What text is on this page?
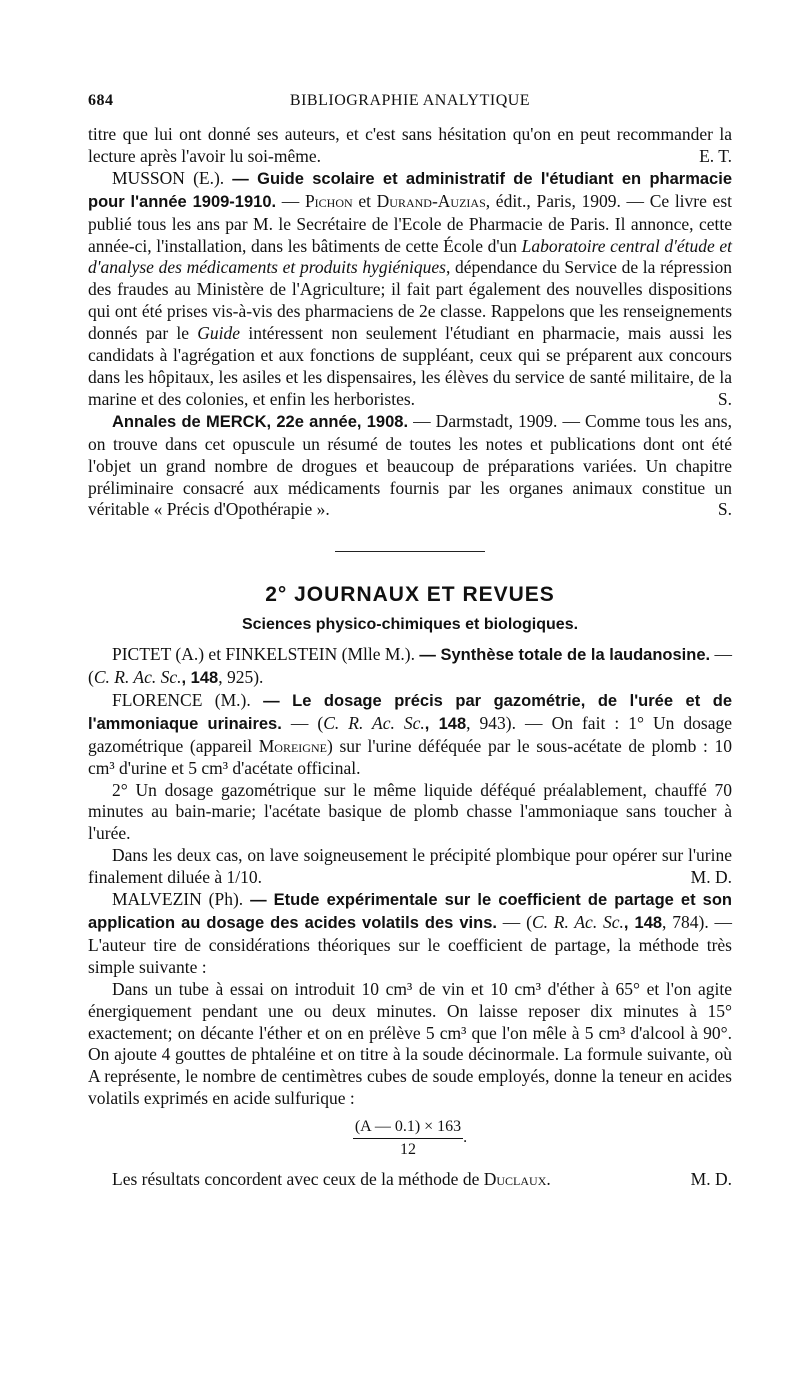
684	BIBLIOGRAPHIE ANALYTIQUE

titre que lui ont donné ses auteurs, et c'est sans hésitation qu'on en peut recommander la lecture après l'avoir lu soi-même.	E. T.

MUSSON (E.). — Guide scolaire et administratif de l'étudiant en pharmacie pour l'année 1909-1910. — Pichon et Durand-Auzias, édit., Paris, 1909. — Ce livre est publié tous les ans par M. le Secrétaire de l'Ecole de Pharmacie de Paris. Il annonce, cette année-ci, l'installation, dans les bâtiments de cette École d'un Laboratoire central d'étude et d'analyse des médicaments et produits hygiéniques, dépendance du Service de la répression des fraudes au Ministère de l'Agriculture; il fait part également des nouvelles dispositions qui ont été prises vis-à-vis des pharmaciens de 2e classe. Rappelons que les renseignements donnés par le Guide intéressent non seulement l'étudiant en pharmacie, mais aussi les candidats à l'agrégation et aux fonctions de suppléant, ceux qui se préparent aux concours dans les hôpitaux, les asiles et les dispensaires, les élèves du service de santé militaire, de la marine et des colonies, et enfin les herboristes.	S.

Annales de MERCK, 22e année, 1908. — Darmstadt, 1909. — Comme tous les ans, on trouve dans cet opuscule un résumé de toutes les notes et publications dont ont été l'objet un grand nombre de drogues et beaucoup de préparations variées. Un chapitre préliminaire consacré aux médicaments fournis par les organes animaux constitue un véritable « Précis d'Opothérapie ».	S.

2° JOURNAUX ET REVUES
Sciences physico-chimiques et biologiques.

PICTET (A.) et FINKELSTEIN (Mlle M.). — Synthèse totale de la laudanosine. — (C. R. Ac. Sc., 148, 925).

FLORENCE (M.). — Le dosage précis par gazométrie, de l'urée et de l'ammoniaque urinaires. — (C. R. Ac. Sc., 148, 943). — On fait : 1° Un dosage gazométrique (appareil Moreigne) sur l'urine déféquée par le sous-acétate de plomb : 10 cm³ d'urine et 5 cm³ d'acétate officinal.

2° Un dosage gazométrique sur le même liquide déféqué préalablement, chauffé 70 minutes au bain-marie; l'acétate basique de plomb chasse l'ammoniaque sans toucher à l'urée.

Dans les deux cas, on lave soigneusement le précipité plombique pour opérer sur l'urine finalement diluée à 1/10.	M. D.

MALVEZIN (Ph). — Etude expérimentale sur le coefficient de partage et son application au dosage des acides volatils des vins. — (C. R. Ac. Sc., 148, 784). — L'auteur tire de considérations théoriques sur le coefficient de partage, la méthode très simple suivante :

Dans un tube à essai on introduit 10 cm³ de vin et 10 cm³ d'éther à 65° et l'on agite énergiquement pendant une ou deux minutes. On laisse reposer dix minutes à 15° exactement; on décante l'éther et on en prélève 5 cm³ que l'on mêle à 5 cm³ d'alcool à 90°. On ajoute 4 gouttes de phtaléine et on titre à la soude décinormale. La formule suivante, où A représente, le nombre de centimètres cubes de soude employés, donne la teneur en acides volatils exprimés en acide sulfurique :

$\frac{(A — 0.1) \times 163}{12}$ .

Les résultats concordent avec ceux de la méthode de Duclaux.	M. D.
